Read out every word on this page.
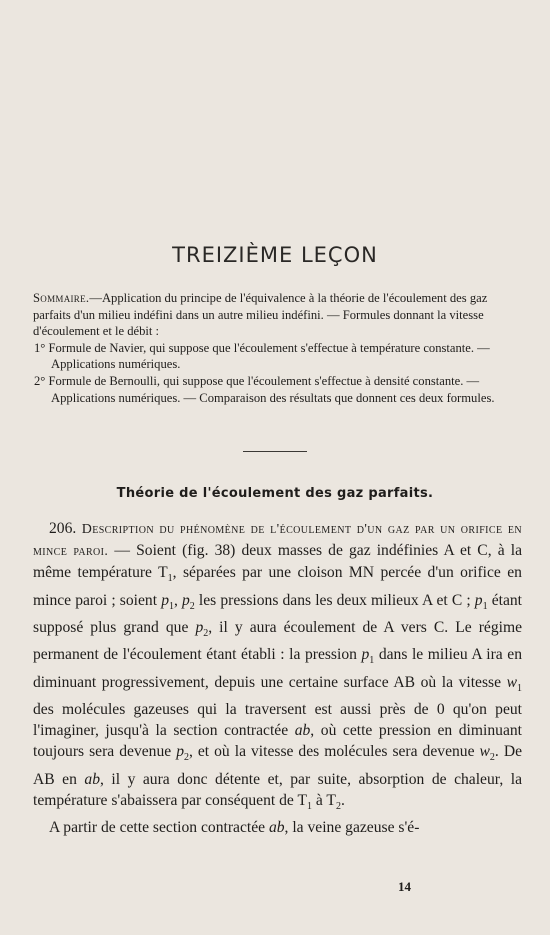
TREIZIÈME LEÇON

Sommaire.—Application du principe de l'équivalence à la théorie de l'écoulement des gaz parfaits d'un milieu indéfini dans un autre milieu indéfini. — Formules donnant la vitesse d'écoulement et le débit :

1° Formule de Navier, qui suppose que l'écoulement s'effectue à température constante. — Applications numériques.

2° Formule de Bernoulli, qui suppose que l'écoulement s'effectue à densité constante. — Applications numériques. — Comparaison des résultats que donnent ces deux formules.

Théorie de l'écoulement des gaz parfaits.

206. Description du phénomène de l'écoulement d'un gaz par un orifice en mince paroi. — Soient (fig. 38) deux masses de gaz indéfinies A et C, à la même température $T_1$, séparées par une cloison MN percée d'un orifice en mince paroi ; soient $p_1$, $p_2$ les pressions dans les deux milieux A et C ; $p_1$ étant supposé plus grand que $p_2$, il y aura écoulement de A vers C. Le régime permanent de l'écoulement étant établi : la pression $p_1$ dans le milieu A ira en diminuant progressivement, depuis une certaine surface AB où la vitesse $w_1$ des molécules gazeuses qui la traversent est aussi près de 0 qu'on peut l'imaginer, jusqu'à la section contractée ab, où cette pression en diminuant toujours sera devenue $p_2$, et où la vitesse des molécules sera devenue $w_2$. De AB en ab, il y aura donc détente et, par suite, absorption de chaleur, la température s'abaissera par conséquent de $T_1$ à $T_2$.

A partir de cette section contractée ab, la veine gazeuse s'é-

14
